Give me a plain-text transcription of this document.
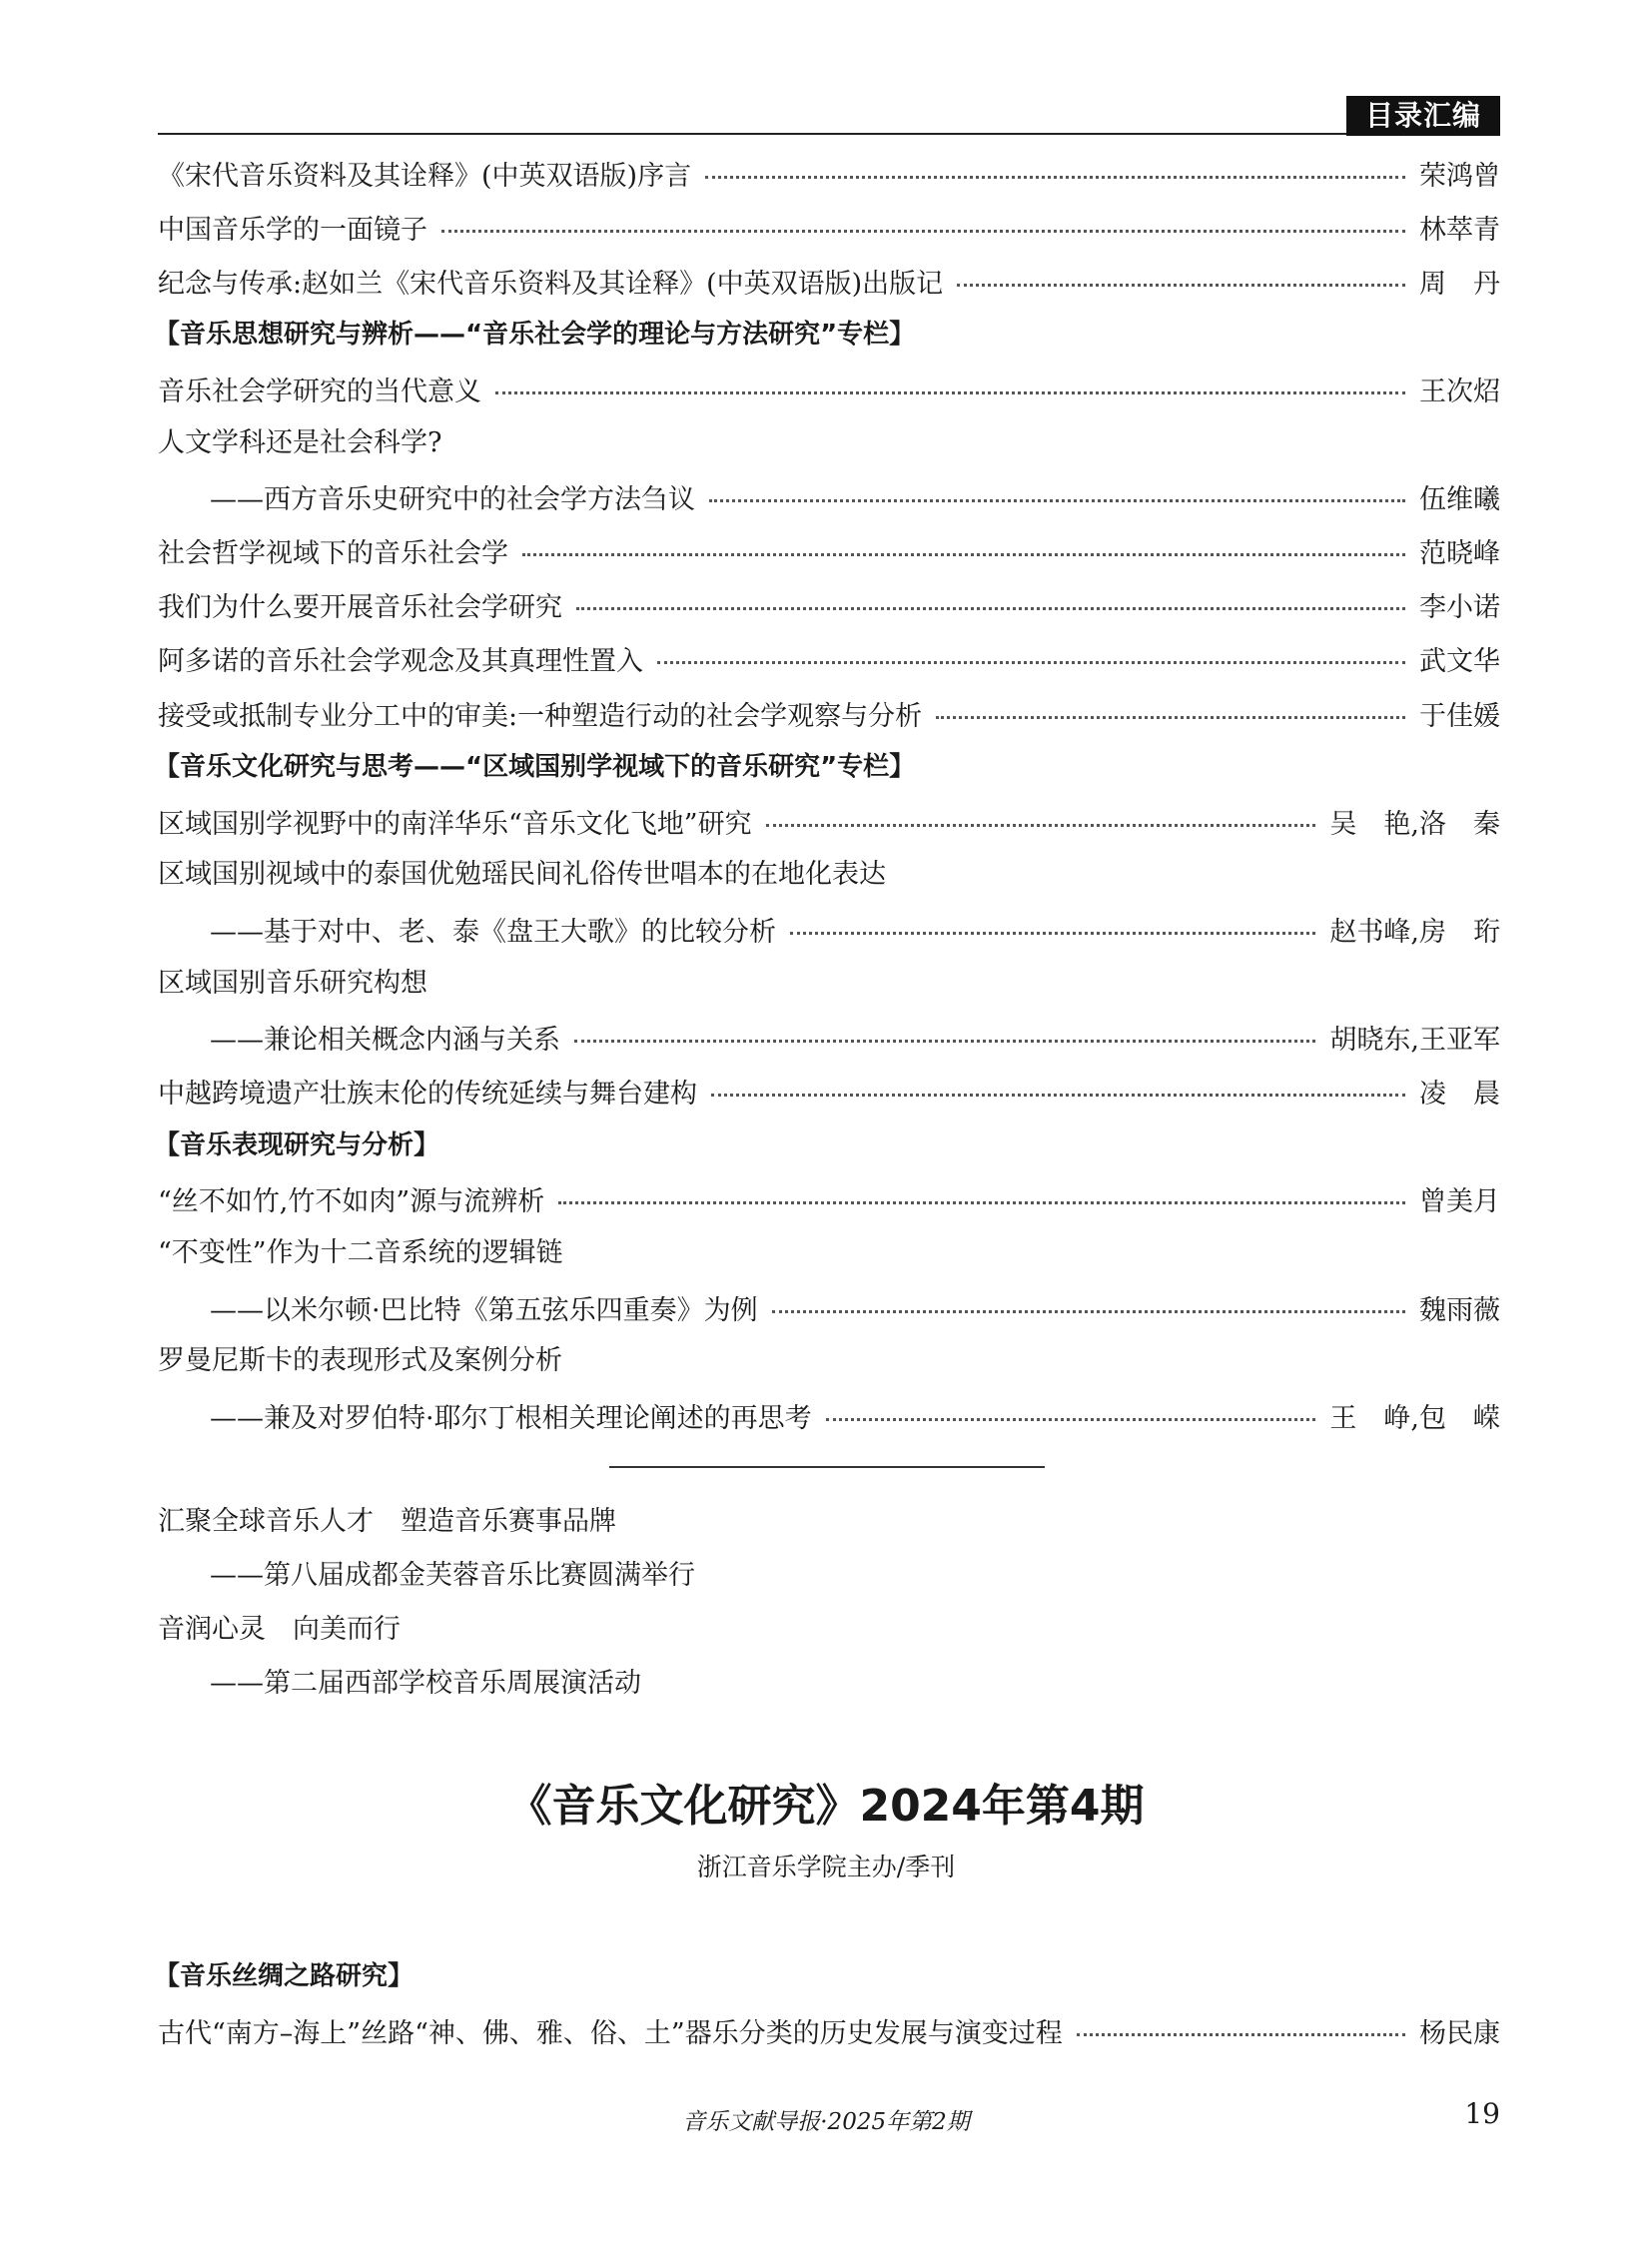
目录汇编
《宋代音乐资料及其诠释》(中英双语版)序言	荣鸿曾
中国音乐学的一面镜子	林萃青
纪念与传承:赵如兰《宋代音乐资料及其诠释》(中英双语版)出版记	周　丹
【音乐思想研究与辨析——“音乐社会学的理论与方法研究”专栏】
音乐社会学研究的当代意义	王次炤
人文学科还是社会科学?
——西方音乐史研究中的社会学方法刍议	伍维曦
社会哲学视域下的音乐社会学	范晓峰
我们为什么要开展音乐社会学研究	李小诺
阿多诺的音乐社会学观念及其真理性置入	武文华
接受或抵制专业分工中的审美:一种塑造行动的社会学观察与分析	于佳媛
【音乐文化研究与思考——“区域国别学视域下的音乐研究”专栏】
区域国别学视野中的南洋华乐“音乐文化飞地”研究	吴　艳,洛　秦
区域国别视域中的泰国优勉瑶民间礼俗传世唱本的在地化表达
——基于对中、老、泰《盘王大歌》的比较分析	赵书峰,房　珩
区域国别音乐研究构想
——兼论相关概念内涵与关系	胡晓东,王亚军
中越跨境遗产壮族末伦的传统延续与舞台建构	凌　晨
【音乐表现研究与分析】
“丝不如竹,竹不如肉”源与流辨析	曾美月
“不变性”作为十二音系统的逻辑链
——以米尔顿·巴比特《第五弦乐四重奏》为例	魏雨薇
罗曼尼斯卡的表现形式及案例分析
——兼及对罗伯特·耶尔丁根相关理论阐述的再思考	王　峥,包　嵘
汇聚全球音乐人才　塑造音乐赛事品牌
——第八届成都金芙蓉音乐比赛圆满举行
音润心灵　向美而行
——第二届西部学校音乐周展演活动
《音乐文化研究》2024年第4期
浙江音乐学院主办/季刊
【音乐丝绸之路研究】
古代“南方–海上”丝路“神、佛、雅、俗、土”器乐分类的历史发展与演变过程	杨民康
音乐文献导报·2025年第2期	19
